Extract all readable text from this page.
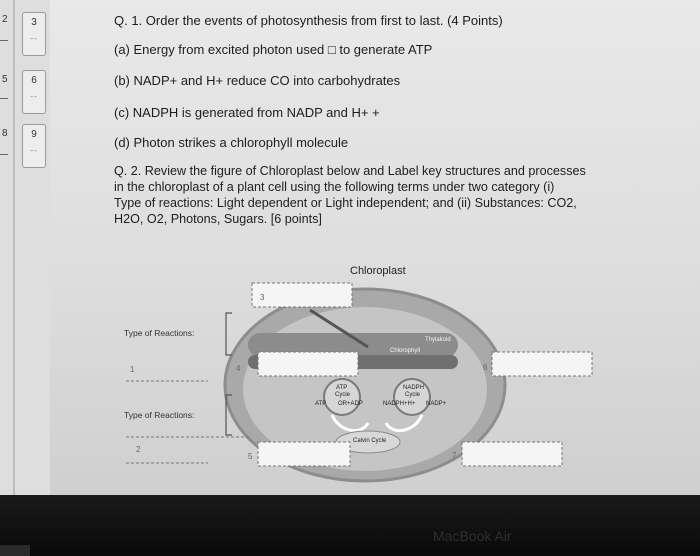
2
5
8
3
--
6
--
9
--
Q. 1. Order the events of photosynthesis from first to last. (4 Points)
(a) Energy from excited photon used □ to generate ATP
(b) NADP+ and H+ reduce CO into carbohydrates
(c) NADPH is generated from NADP and H+ +
(d) Photon strikes a chlorophyll molecule
Q. 2. Review the figure of Chloroplast below and Label key structures and processes
in the chloroplast of a plant cell using the following terms under two category (i)
Type of reactions: Light dependent or Light independent; and (ii) Substances: CO2,
H2O, O2, Photons, Sugars. [6 points]
Chloroplast
Type of Reactions:
Type of Reactions:
Thylakoid
Chlorophyll
ATP
Cycle
NADPH
Cycle
ATP OR+ADP	NADPH+H+ NADP+
Calvin Cycle
1
2
3
4
5
6
7
MacBook Air
